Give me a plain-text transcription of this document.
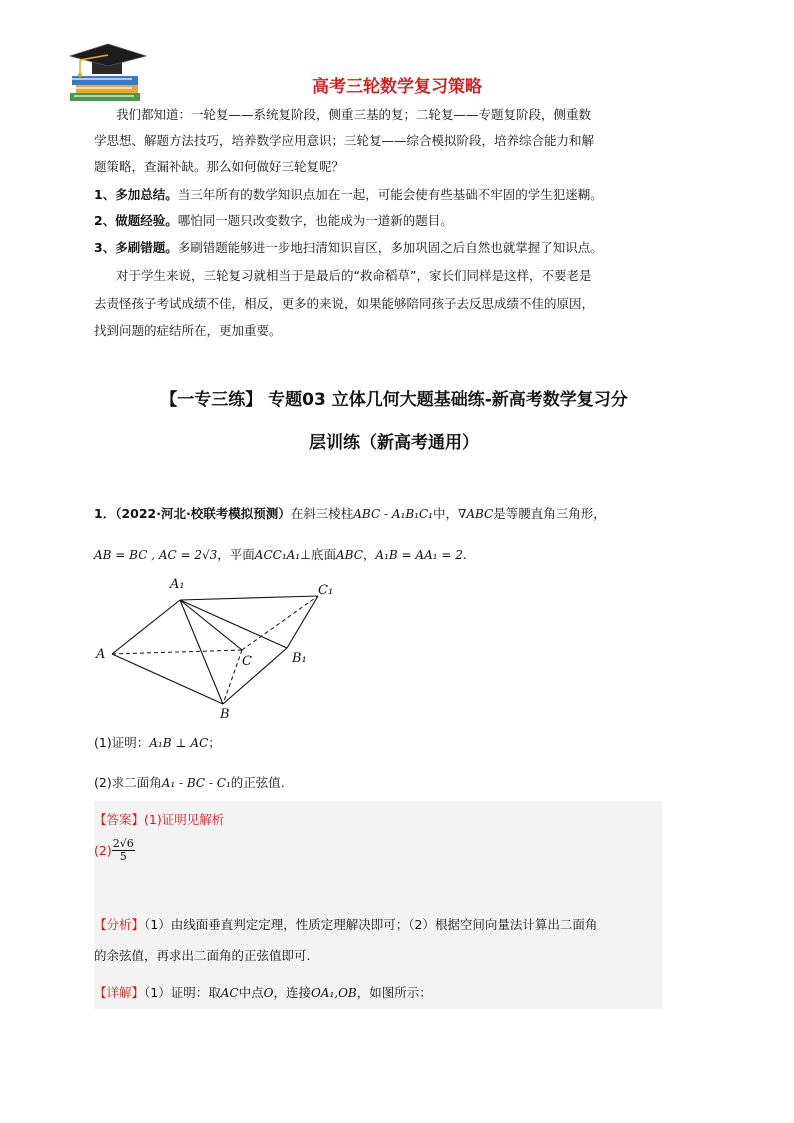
高考三轮数学复习策略
我们都知道：一轮复——系统复阶段，侧重三基的复；二轮复——专题复阶段，侧重数
学思想、解题方法技巧，培养数学应用意识；三轮复——综合模拟阶段，培养综合能力和解
题策略，查漏补缺。那么如何做好三轮复呢？
1、多加总结。当三年所有的数学知识点加在一起，可能会使有些基础不牢固的学生犯迷糊。
2、做题经验。哪怕同一题只改变数字，也能成为一道新的题目。
3、多刷错题。多刷错题能够进一步地扫清知识盲区，多加巩固之后自然也就掌握了知识点。
对于学生来说，三轮复习就相当于是最后的“救命稻草”，家长们同样是这样，不要老是
去责怪孩子考试成绩不佳，相反，更多的来说，如果能够陪同孩子去反思成绩不佳的原因，
找到问题的症结所在，更加重要。
【一专三练】 专题03 立体几何大题基础练-新高考数学复习分
层训练（新高考通用）
1．（2022·河北·校联考模拟预测）在斜三棱柱ABC - A₁B₁C₁中，∇ABC是等腰直角三角形，
AB = BC , AC = 2√3，平面ACC₁A₁⊥底面ABC，A₁B = AA₁ = 2.
A₁	C₁
A	C	B₁
B
(1)证明：A₁B ⊥ AC；
(2)求二面角A₁ - BC - C₁的正弦值.
【答案】(1)证明见解析
$(2) \frac{2√6}{5}$
【分析】（1）由线面垂直判定定理，性质定理解决即可；（2）根据空间向量法计算出二面角
的余弦值，再求出二面角的正弦值即可.
【详解】（1）证明：取AC中点O，连接OA₁,OB，如图所示：
